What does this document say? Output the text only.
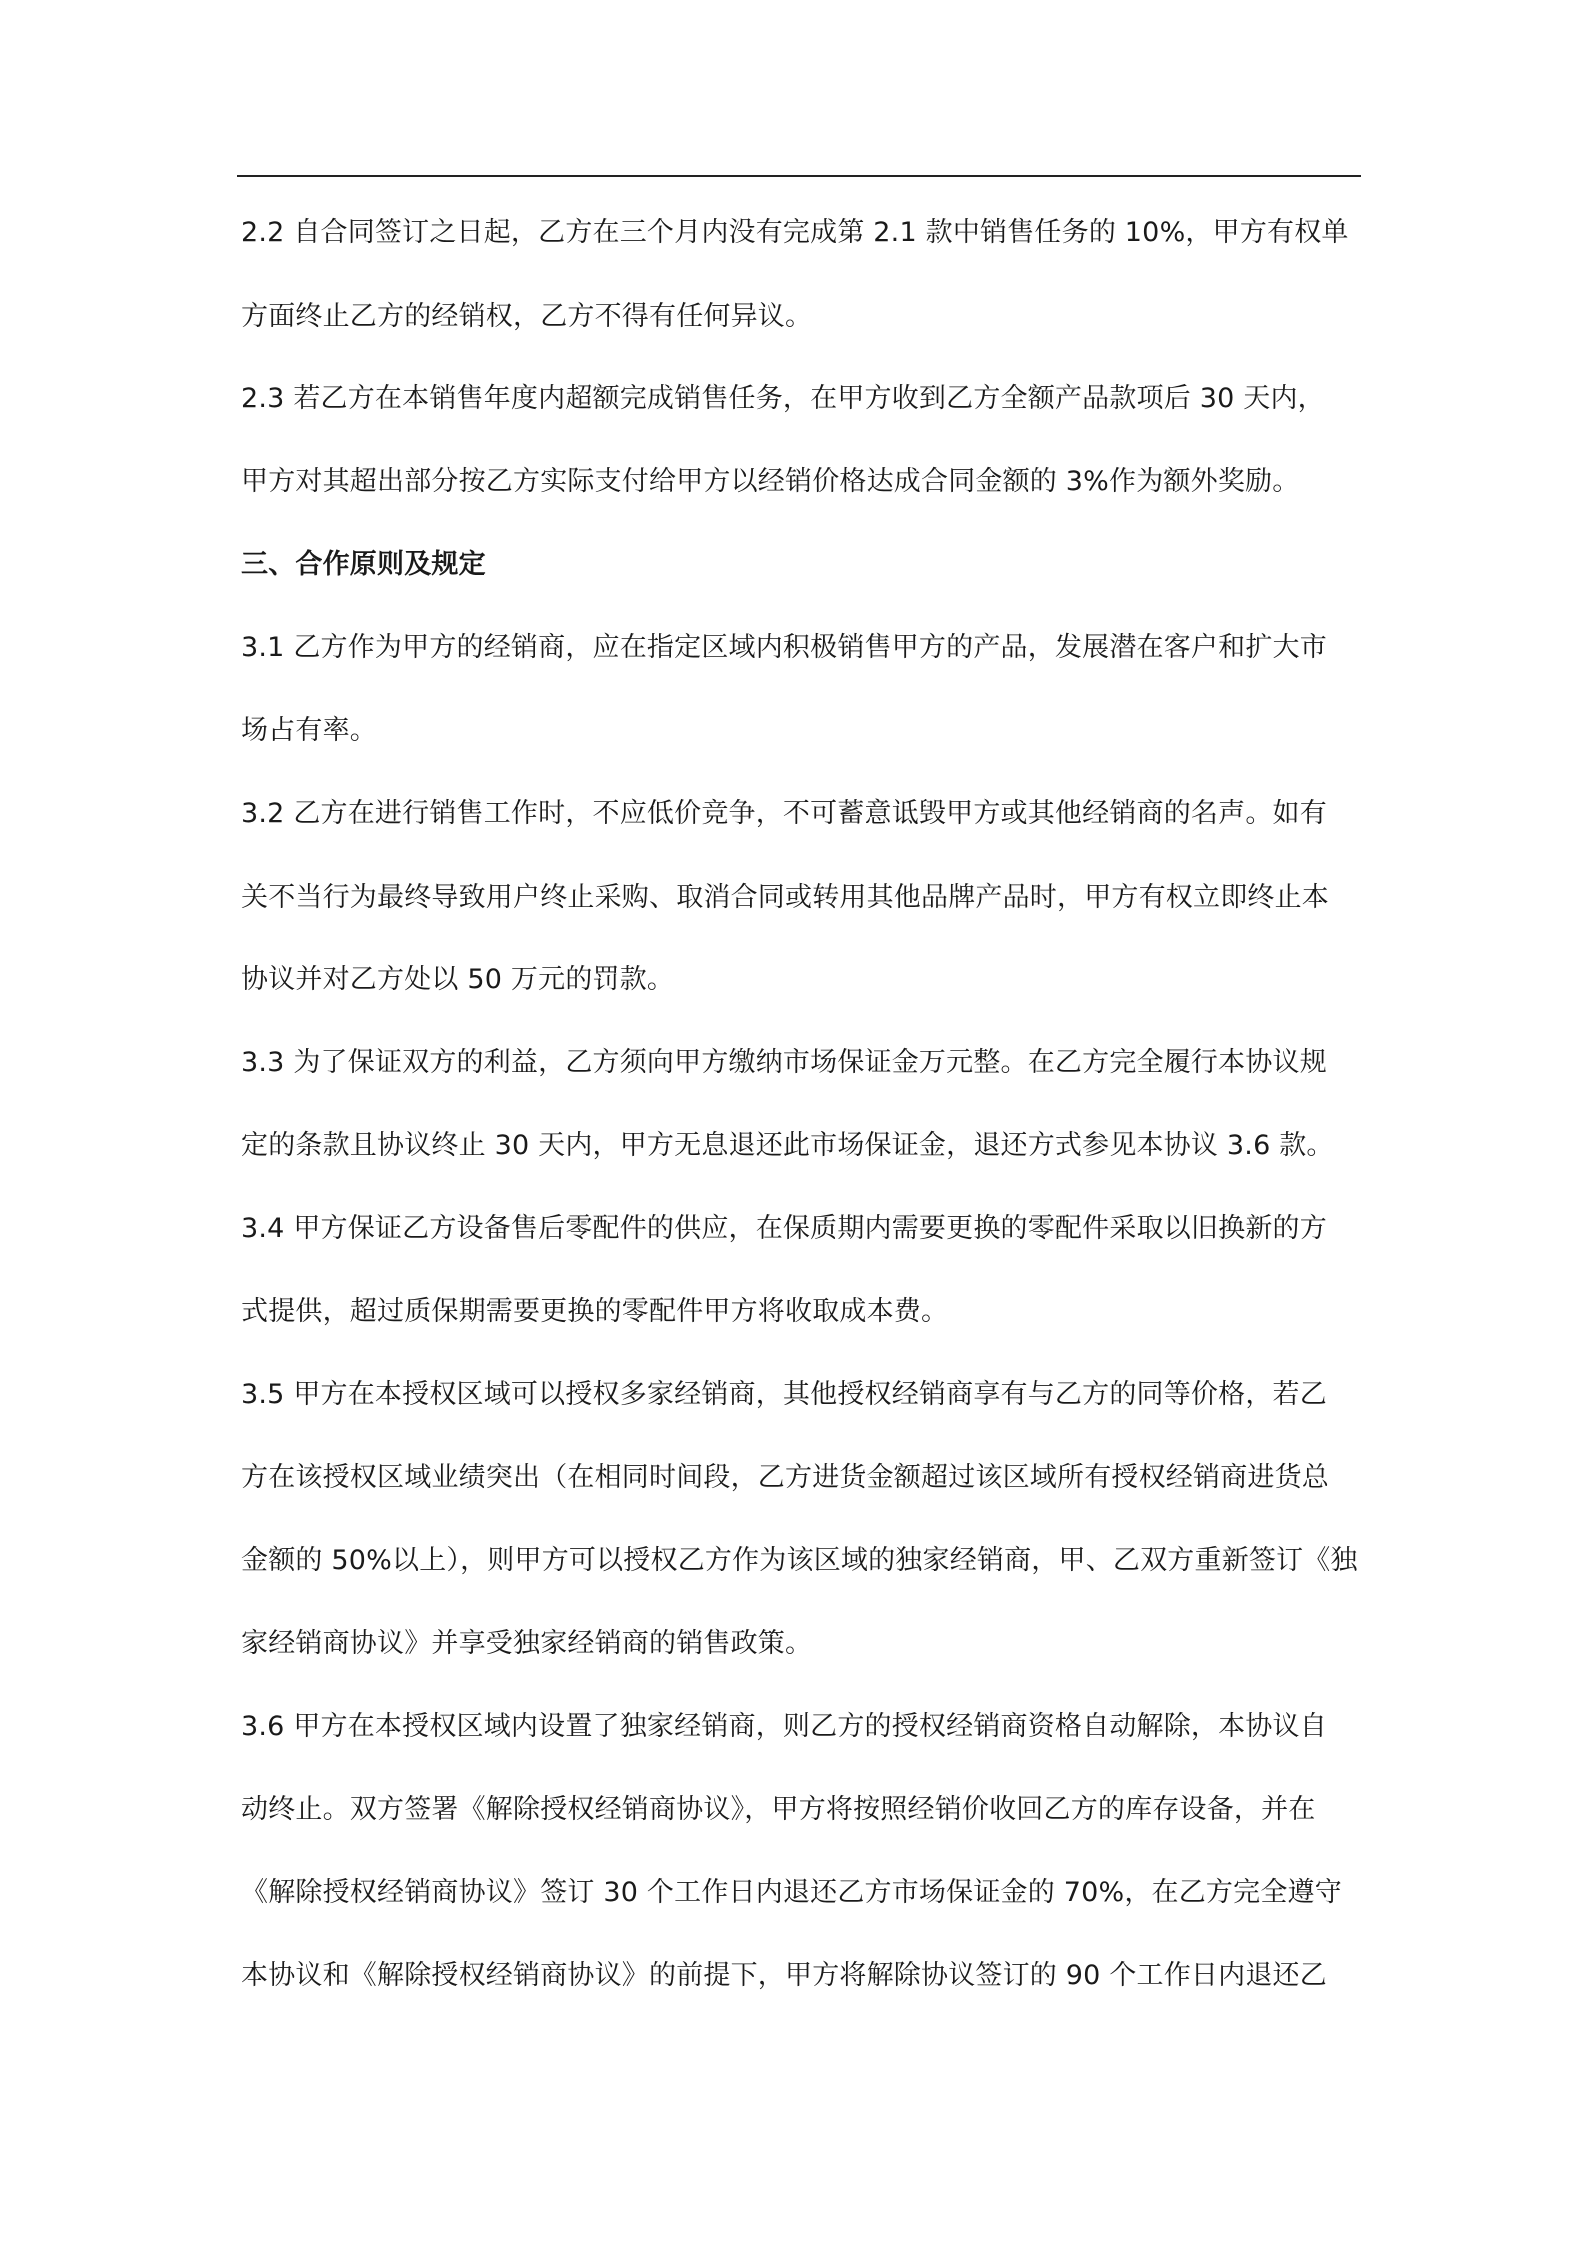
2.2 自合同签订之日起，乙方在三个月内没有完成第 2.1 款中销售任务的 10%，甲方有权单
方面终止乙方的经销权，乙方不得有任何异议。
2.3 若乙方在本销售年度内超额完成销售任务，在甲方收到乙方全额产品款项后 30 天内，
甲方对其超出部分按乙方实际支付给甲方以经销价格达成合同金额的 3%作为额外奖励。
三、合作原则及规定
3.1 乙方作为甲方的经销商，应在指定区域内积极销售甲方的产品，发展潜在客户和扩大市
场占有率。
3.2 乙方在进行销售工作时，不应低价竞争，不可蓄意诋毁甲方或其他经销商的名声。如有
关不当行为最终导致用户终止采购、取消合同或转用其他品牌产品时，甲方有权立即终止本
协议并对乙方处以 50 万元的罚款。
3.3 为了保证双方的利益，乙方须向甲方缴纳市场保证金万元整。在乙方完全履行本协议规
定的条款且协议终止 30 天内，甲方无息退还此市场保证金，退还方式参见本协议 3.6 款。
3.4 甲方保证乙方设备售后零配件的供应，在保质期内需要更换的零配件采取以旧换新的方
式提供，超过质保期需要更换的零配件甲方将收取成本费。
3.5 甲方在本授权区域可以授权多家经销商，其他授权经销商享有与乙方的同等价格，若乙
方在该授权区域业绩突出（在相同时间段，乙方进货金额超过该区域所有授权经销商进货总
金额的 50%以上），则甲方可以授权乙方作为该区域的独家经销商，甲、乙双方重新签订《独
家经销商协议》并享受独家经销商的销售政策。
3.6 甲方在本授权区域内设置了独家经销商，则乙方的授权经销商资格自动解除，本协议自
动终止。双方签署《解除授权经销商协议》，甲方将按照经销价收回乙方的库存设备，并在
《解除授权经销商协议》签订 30 个工作日内退还乙方市场保证金的 70%，在乙方完全遵守
本协议和《解除授权经销商协议》的前提下，甲方将解除协议签订的 90 个工作日内退还乙
